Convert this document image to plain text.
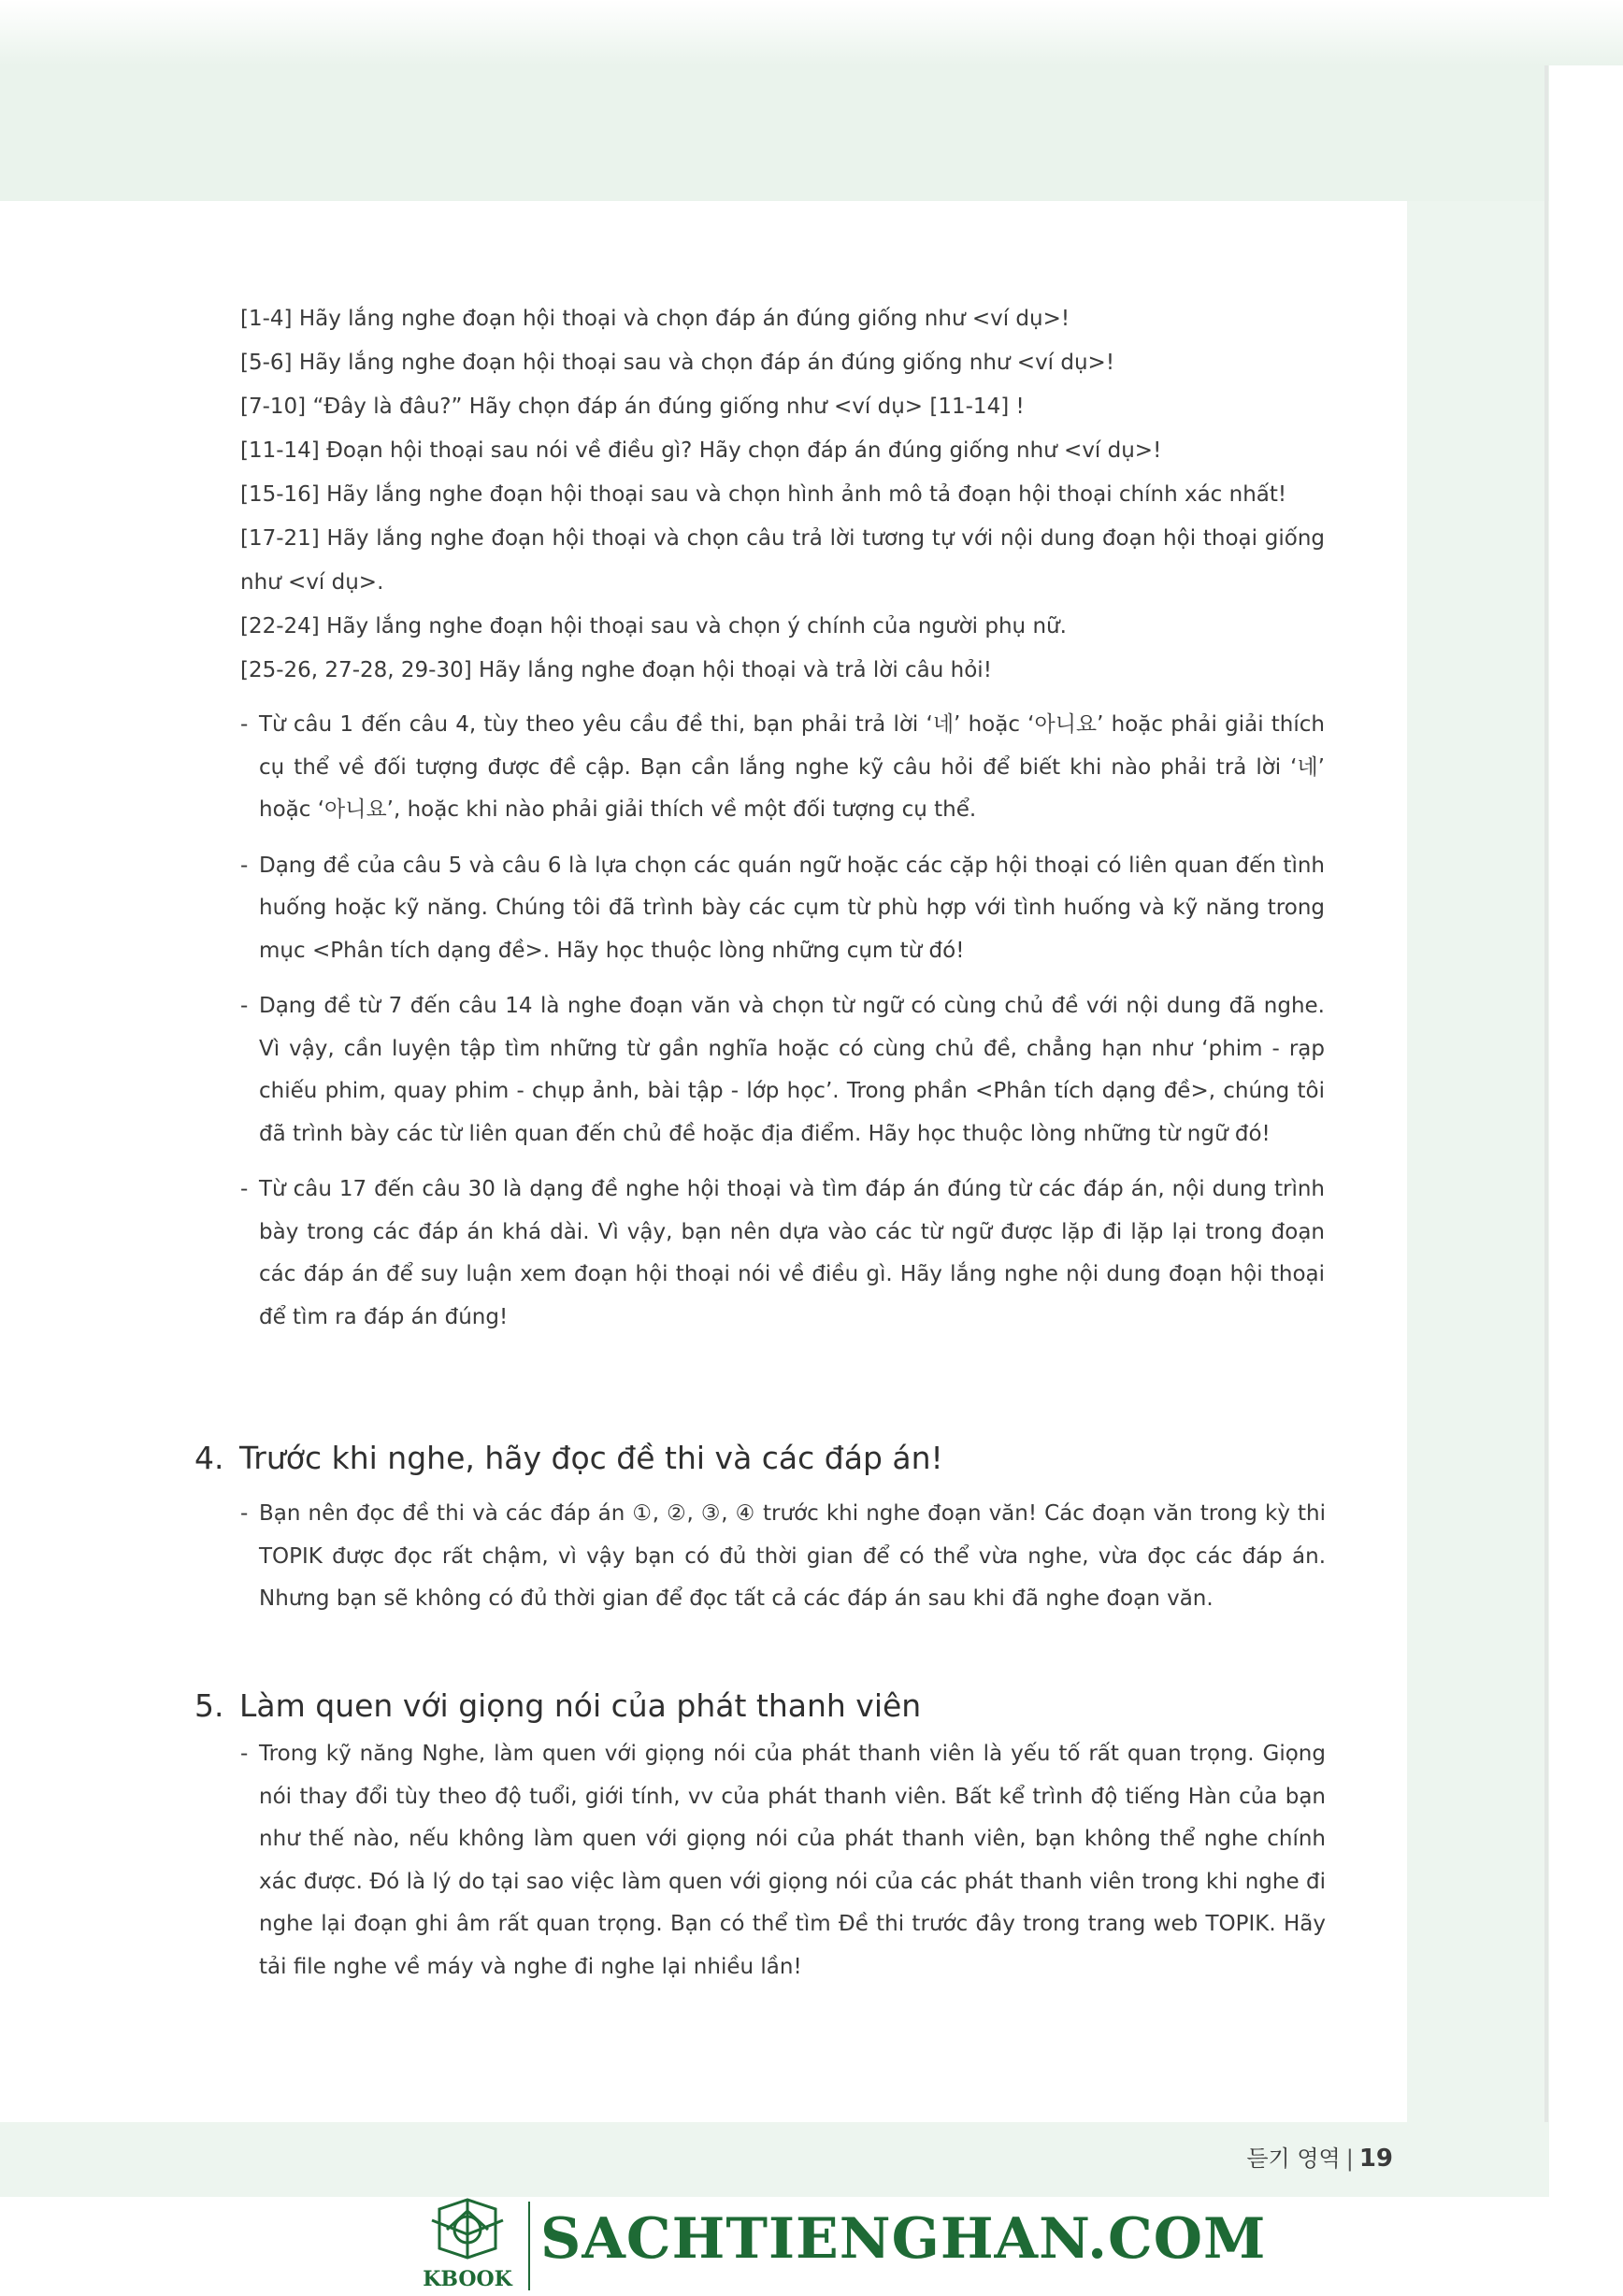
[1-4] Hãy lắng nghe đoạn hội thoại và chọn đáp án đúng giống như <ví dụ>!
[5-6] Hãy lắng nghe đoạn hội thoại sau và chọn đáp án đúng giống như <ví dụ>!
[7-10] “Đây là đâu?” Hãy chọn đáp án đúng giống như <ví dụ> [11-14] !
[11-14] Đoạn hội thoại sau nói về điều gì? Hãy chọn đáp án đúng giống như <ví dụ>!
[15-16] Hãy lắng nghe đoạn hội thoại sau và chọn hình ảnh mô tả đoạn hội thoại chính xác nhất!
[17-21] Hãy lắng nghe đoạn hội thoại và chọn câu trả lời tương tự với nội dung đoạn hội thoại giống như <ví dụ>.
[22-24] Hãy lắng nghe đoạn hội thoại sau và chọn ý chính của người phụ nữ.
[25-26, 27-28, 29-30] Hãy lắng nghe đoạn hội thoại và trả lời câu hỏi!
- Từ câu 1 đến câu 4, tùy theo yêu cầu đề thi, bạn phải trả lời ‘네’ hoặc ‘아니요’ hoặc phải giải thích cụ thể về đối tượng được đề cập. Bạn cần lắng nghe kỹ câu hỏi để biết khi nào phải trả lời ‘네’ hoặc ‘아니요’, hoặc khi nào phải giải thích về một đối tượng cụ thể.
- Dạng đề của câu 5 và câu 6 là lựa chọn các quán ngữ hoặc các cặp hội thoại có liên quan đến tình huống hoặc kỹ năng. Chúng tôi đã trình bày các cụm từ phù hợp với tình huống và kỹ năng trong mục <Phân tích dạng đề>. Hãy học thuộc lòng những cụm từ đó!
- Dạng đề từ 7 đến câu 14 là nghe đoạn văn và chọn từ ngữ có cùng chủ đề với nội dung đã nghe. Vì vậy, cần luyện tập tìm những từ gần nghĩa hoặc có cùng chủ đề, chẳng hạn như ‘phim - rạp chiếu phim, quay phim - chụp ảnh, bài tập - lớp học’. Trong phần <Phân tích dạng đề>, chúng tôi đã trình bày các từ liên quan đến chủ đề hoặc địa điểm. Hãy học thuộc lòng những từ ngữ đó!
- Từ câu 17 đến câu 30 là dạng đề nghe hội thoại và tìm đáp án đúng từ các đáp án, nội dung trình bày trong các đáp án khá dài. Vì vậy, bạn nên dựa vào các từ ngữ được lặp đi lặp lại trong đoạn các đáp án để suy luận xem đoạn hội thoại nói về điều gì. Hãy lắng nghe nội dung đoạn hội thoại để tìm ra đáp án đúng!
4. Trước khi nghe, hãy đọc đề thi và các đáp án!
- Bạn nên đọc đề thi và các đáp án ①, ②, ③, ④ trước khi nghe đoạn văn! Các đoạn văn trong kỳ thi TOPIK được đọc rất chậm, vì vậy bạn có đủ thời gian để có thể vừa nghe, vừa đọc các đáp án. Nhưng bạn sẽ không có đủ thời gian để đọc tất cả các đáp án sau khi đã nghe đoạn văn.
5. Làm quen với giọng nói của phát thanh viên
- Trong kỹ năng Nghe, làm quen với giọng nói của phát thanh viên là yếu tố rất quan trọng. Giọng nói thay đổi tùy theo độ tuổi, giới tính, vv của phát thanh viên. Bất kể trình độ tiếng Hàn của bạn như thế nào, nếu không làm quen với giọng nói của phát thanh viên, bạn không thể nghe chính xác được. Đó là lý do tại sao việc làm quen với giọng nói của các phát thanh viên trong khi nghe đi nghe lại đoạn ghi âm rất quan trọng. Bạn có thể tìm Đề thi trước đây trong trang web TOPIK. Hãy tải file nghe về máy và nghe đi nghe lại nhiều lần!
듣기 영역 | 19
KBOOK
SACHTIENGHAN.COM
